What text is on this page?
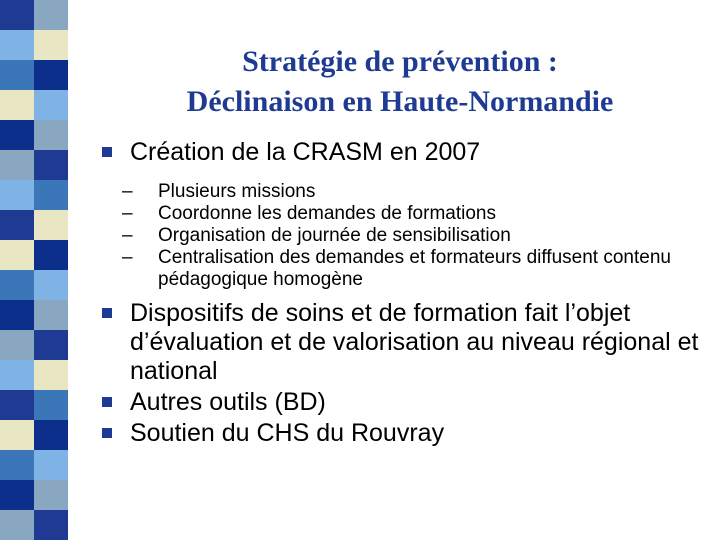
Stratégie de prévention :
Déclinaison en Haute-Normandie
Création de la CRASM en 2007
– Plusieurs missions
– Coordonne les demandes de formations
– Organisation de journée de sensibilisation
– Centralisation des demandes et formateurs diffusent contenu pédagogique homogène
Dispositifs de soins et de formation fait l’objet d’évaluation et de valorisation au niveau régional et national
Autres outils (BD)
Soutien du CHS du Rouvray
